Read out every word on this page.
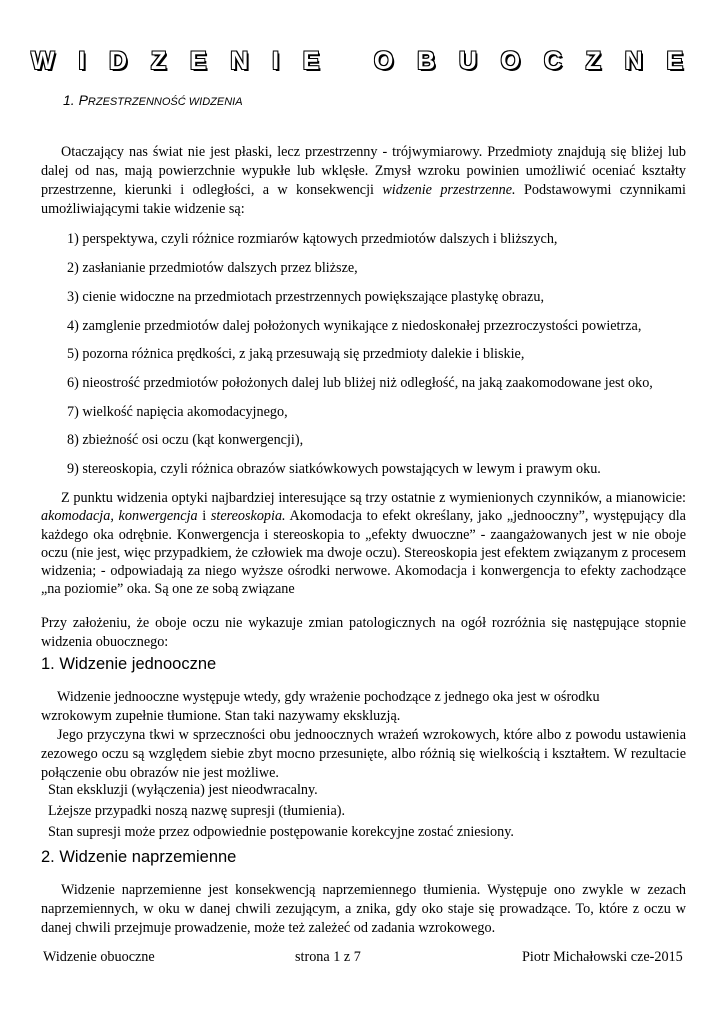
W I D Z E N I E   O B U O C Z N E
1. PRZESTRZENNOŚĆ WIDZENIA
Otaczający nas świat nie jest płaski, lecz przestrzenny - trójwymiarowy. Przedmioty znajdują się bliżej lub dalej od nas, mają powierzchnie wypukłe lub wklęsłe. Zmysł wzroku powinien umożliwić oceniać kształty przestrzenne, kierunki i odległości, a w konsekwencji widzenie przestrzenne. Podstawowymi czynnikami umożliwiającymi takie widzenie są:
1) perspektywa, czyli różnice rozmiarów kątowych przedmiotów dalszych i bliższych,
2) zasłanianie przedmiotów dalszych przez bliższe,
3) cienie widoczne na przedmiotach przestrzennych powiększające plastykę obrazu,
4) zamglenie przedmiotów dalej położonych wynikające z niedoskonałej przezroczystości powietrza,
5) pozorna różnica prędkości, z jaką przesuwają się przedmioty dalekie i bliskie,
6) nieostrość przedmiotów położonych dalej lub bliżej niż odległość, na jaką zaakomodowane jest oko,
7) wielkość napięcia akomodacyjnego,
8) zbieżność osi oczu (kąt konwergencji),
9) stereoskopia, czyli różnica obrazów siatkówkowych powstających w lewym i prawym oku.
Z punktu widzenia optyki najbardziej interesujące są trzy ostatnie z wymienionych czynników, a mianowicie: akomodacja, konwergencja i stereoskopia. Akomodacja to efekt określany, jako „jednooczny”, występujący dla każdego oka odrębnie. Konwergencja i stereoskopia to „efekty dwuoczne” - zaangażowanych jest w nie oboje oczu (nie jest, więc przypadkiem, że człowiek ma dwoje oczu). Stereoskopia jest efektem związanym z procesem widzenia; - odpowiadają za niego wyższe ośrodki nerwowe. Akomodacja i konwergencja to efekty zachodzące „na poziomie” oka. Są one ze sobą związane
Przy założeniu, że oboje oczu nie wykazuje zmian patologicznych na ogół rozróżnia się następujące stopnie widzenia obuocznego:
1. Widzenie jednooczne
Widzenie jednooczne występuje wtedy, gdy wrażenie pochodzące z jednego oka jest w ośrodku wzrokowym zupełnie tłumione. Stan taki nazywamy ekskluzją.
Jego przyczyna tkwi w sprzeczności obu jednoocznych wrażeń wzrokowych, które albo z powodu ustawienia zezowego oczu są względem siebie zbyt mocno przesunięte, albo różnią się wielkością i kształtem. W rezultacie połączenie obu obrazów nie jest możliwe.
Stan ekskluzji (wyłączenia) jest nieodwracalny.
Lżejsze przypadki noszą nazwę supresji (tłumienia).
Stan supresji może przez odpowiednie postępowanie korekcyjne zostać zniesiony.
2. Widzenie naprzemienne
Widzenie naprzemienne jest konsekwencją naprzemiennego tłumienia. Występuje ono zwykle w zezach naprzemiennych, w oku w danej chwili zezującym, a znika, gdy oko staje się prowadzące. To, które z oczu w danej chwili przejmuje prowadzenie, może też zależeć od zadania wzrokowego.
Widzenie obuoczne	strona 1 z 7	Piotr Michałowski cze-2015
